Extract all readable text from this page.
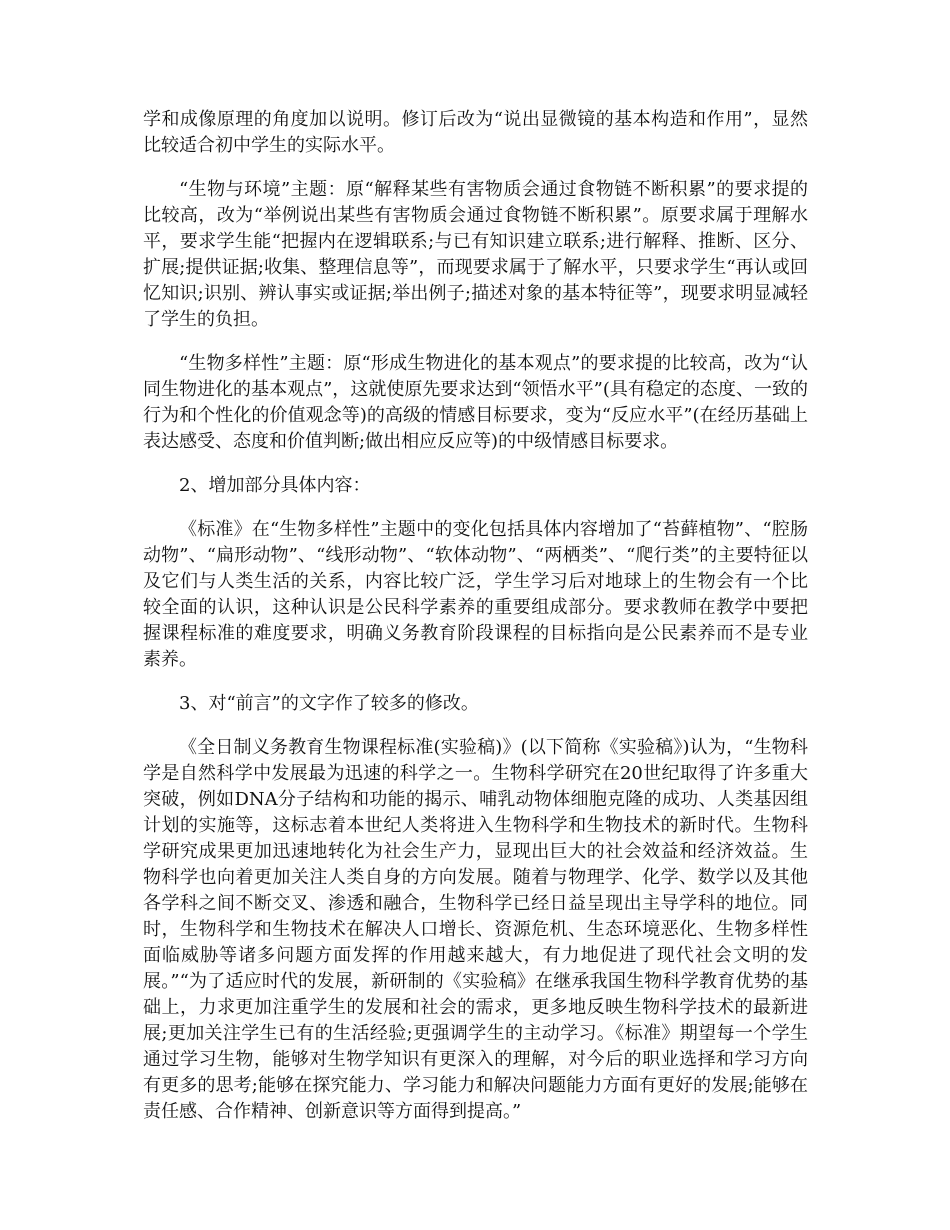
学和成像原理的角度加以说明。修订后改为“说出显微镜的基本构造和作用”，显然比较适合初中学生的实际水平。

“生物与环境”主题：原“解释某些有害物质会通过食物链不断积累”的要求提的比较高，改为“举例说出某些有害物质会通过食物链不断积累”。原要求属于理解水平，要求学生能“把握内在逻辑联系;与已有知识建立联系;进行解释、推断、区分、扩展;提供证据;收集、整理信息等”，而现要求属于了解水平，只要求学生“再认或回忆知识;识别、辨认事实或证据;举出例子;描述对象的基本特征等”，现要求明显减轻了学生的负担。

“生物多样性”主题：原“形成生物进化的基本观点”的要求提的比较高，改为“认同生物进化的基本观点”，这就使原先要求达到“领悟水平”(具有稳定的态度、一致的行为和个性化的价值观念等)的高级的情感目标要求，变为“反应水平”(在经历基础上表达感受、态度和价值判断;做出相应反应等)的中级情感目标要求。

2、增加部分具体内容：

《标准》在“生物多样性”主题中的变化包括具体内容增加了“苔藓植物”、“腔肠动物”、“扁形动物”、“线形动物”、“软体动物”、“两栖类”、“爬行类”的主要特征以及它们与人类生活的关系，内容比较广泛，学生学习后对地球上的生物会有一个比较全面的认识，这种认识是公民科学素养的重要组成部分。要求教师在教学中要把握课程标准的难度要求，明确义务教育阶段课程的目标指向是公民素养而不是专业素养。

3、对“前言”的文字作了较多的修改。

《全日制义务教育生物课程标准(实验稿)》(以下简称《实验稿》)认为，“生物科学是自然科学中发展最为迅速的科学之一。生物科学研究在20世纪取得了许多重大突破，例如DNA分子结构和功能的揭示、哺乳动物体细胞克隆的成功、人类基因组计划的实施等，这标志着本世纪人类将进入生物科学和生物技术的新时代。生物科学研究成果更加迅速地转化为社会生产力，显现出巨大的社会效益和经济效益。生物科学也向着更加关注人类自身的方向发展。随着与物理学、化学、数学以及其他各学科之间不断交叉、渗透和融合，生物科学已经日益呈现出主导学科的地位。同时，生物科学和生物技术在解决人口增长、资源危机、生态环境恶化、生物多样性面临威胁等诸多问题方面发挥的作用越来越大，有力地促进了现代社会文明的发展。”“为了适应时代的发展，新研制的《实验稿》在继承我国生物科学教育优势的基础上，力求更加注重学生的发展和社会的需求，更多地反映生物科学技术的最新进展;更加关注学生已有的生活经验;更强调学生的主动学习。《标准》期望每一个学生通过学习生物，能够对生物学知识有更深入的理解，对今后的职业选择和学习方向有更多的思考;能够在探究能力、学习能力和解决问题能力方面有更好的发展;能够在责任感、合作精神、创新意识等方面得到提高。”
